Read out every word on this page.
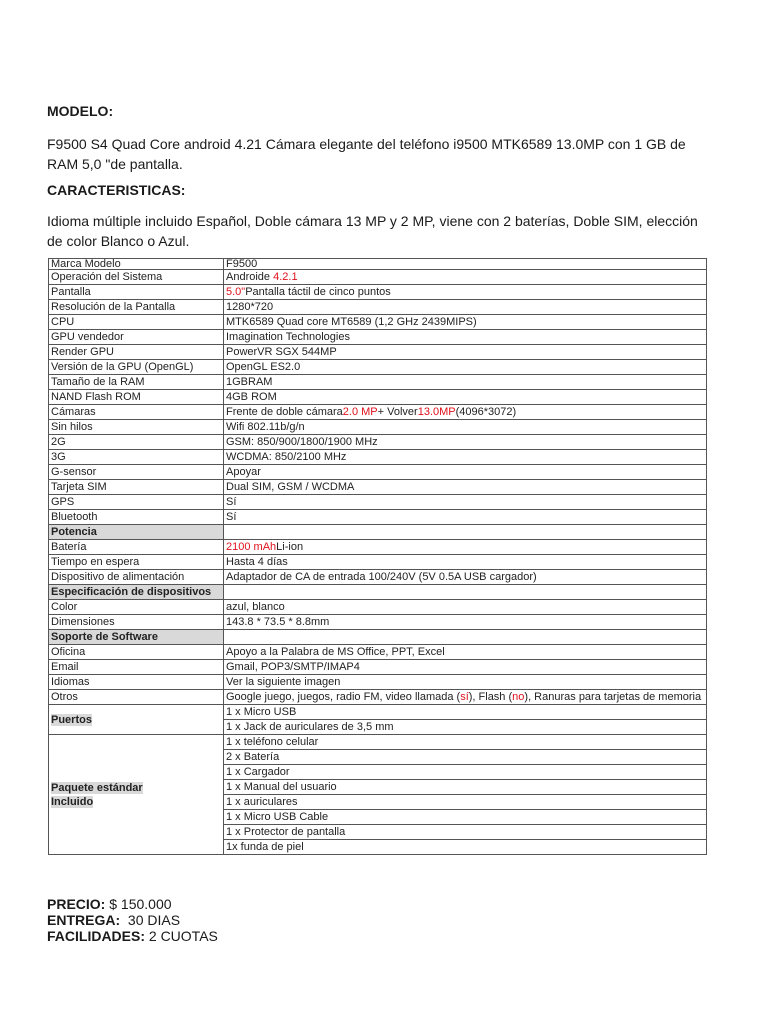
MODELO:
F9500 S4 Quad Core android 4.21 Cámara elegante del teléfono i9500 MTK6589 13.0MP con 1 GB de RAM 5,0 "de pantalla.
CARACTERISTICAS:
Idioma múltiple incluido Español, Doble cámara 13 MP y 2 MP, viene con 2 baterías, Doble SIM, elección de color Blanco o Azul.
Marca Modelo	F9500
Operación del Sistema	Androide 4.2.1
Pantalla	5.0"Pantalla táctil de cinco puntos
Resolución de la Pantalla	1280*720
CPU	MTK6589 Quad core MT6589 (1,2 GHz 2439MIPS)
GPU vendedor	Imagination Technologies
Render GPU	PowerVR SGX 544MP
Versión de la GPU (OpenGL)	OpenGL ES2.0
Tamaño de la RAM	1GBRAM
NAND Flash ROM	4GB ROM
Cámaras	Frente de doble cámara2.0 MP+ Volver13.0MP(4096*3072)
Sin hilos	Wifi 802.11b/g/n
2G	GSM: 850/900/1800/1900 MHz
3G	WCDMA: 850/2100 MHz
G-sensor	Apoyar
Tarjeta SIM	Dual SIM, GSM / WCDMA
GPS	Sí
Bluetooth	Sí
Potencia	
Batería	2100 mAhLi-ion
Tiempo en espera	Hasta 4 días
Dispositivo de alimentación	Adaptador de CA de entrada 100/240V (5V 0.5A USB cargador)
Especificación de dispositivos	
Color	azul, blanco
Dimensiones	143.8 * 73.5 * 8.8mm
Soporte de Software	
Oficina	Apoyo a la Palabra de MS Office, PPT, Excel
Email	Gmail, POP3/SMTP/IMAP4
Idiomas	Ver la siguiente imagen
Otros	Google juego, juegos, radio FM, video llamada (sí), Flash (no), Ranuras para tarjetas de memoria
Puertos	1 x Micro USB
	1 x Jack de auriculares de 3,5 mm
Paquete estándar
Incluido	1 x teléfono celular
	2 x Batería
	1 x Cargador
	1 x Manual del usuario
	1 x auriculares
	1 x Micro USB Cable
	1 x Protector de pantalla
	1x funda de piel
PRECIO: $ 150.000
ENTREGA: 30 DIAS
FACILIDADES: 2 CUOTAS
